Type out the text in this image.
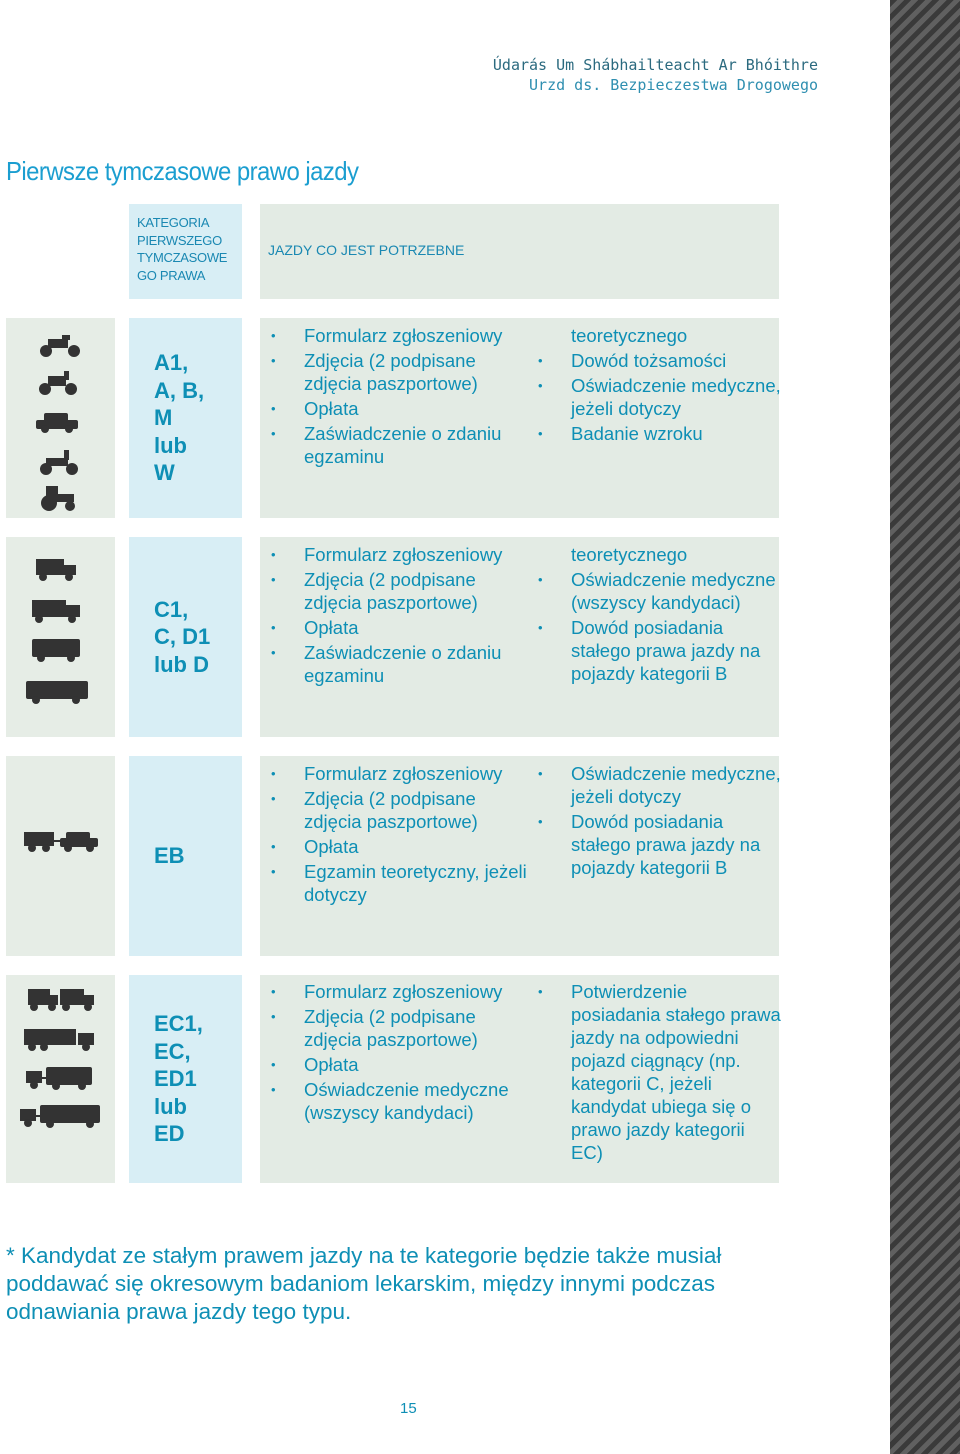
Údarás Um Shábhailteacht Ar Bhóithre
Urzd ds. Bezpieczestwa Drogowego
Pierwsze tymczasowe prawo jazdy
KATEGORIA
PIERWSZEGO
TYMCZASOWE
GO PRAWA
JAZDY CO JEST POTRZEBNE
A1,
A, B,
M
lub
W
• Formularz zgłoszeniowy
• Zdjęcia (2 podpisane zdjęcia paszportowe)
• Opłata
• Zaświadczenie o zdaniu egzaminu
teoretycznego
• Dowód tożsamości
• Oświadczenie medyczne, jeżeli dotyczy
• Badanie wzroku
C1,
C, D1
lub D
• Formularz zgłoszeniowy
• Zdjęcia (2 podpisane zdjęcia paszportowe)
• Opłata
• Zaświadczenie o zdaniu egzaminu
teoretycznego
• Oświadczenie medyczne (wszyscy kandydaci)
• Dowód posiadania stałego prawa jazdy na pojazdy kategorii B
EB
• Formularz zgłoszeniowy
• Zdjęcia (2 podpisane zdjęcia paszportowe)
• Opłata
• Egzamin teoretyczny, jeżeli dotyczy
• Oświadczenie medyczne, jeżeli dotyczy
• Dowód posiadania stałego prawa jazdy na pojazdy kategorii B
EC1,
EC,
ED1
lub
ED
• Formularz zgłoszeniowy
• Zdjęcia (2 podpisane zdjęcia paszportowe)
• Opłata
• Oświadczenie medyczne (wszyscy kandydaci)
• Potwierdzenie posiadania stałego prawa jazdy na odpowiedni pojazd ciągnący (np. kategorii C, jeżeli kandydat ubiega się o prawo jazdy kategorii EC)
* Kandydat ze stałym prawem jazdy na te kategorie będzie także musiał poddawać się okresowym badaniom lekarskim, między innymi podczas odnawiania prawa jazdy tego typu.
15
